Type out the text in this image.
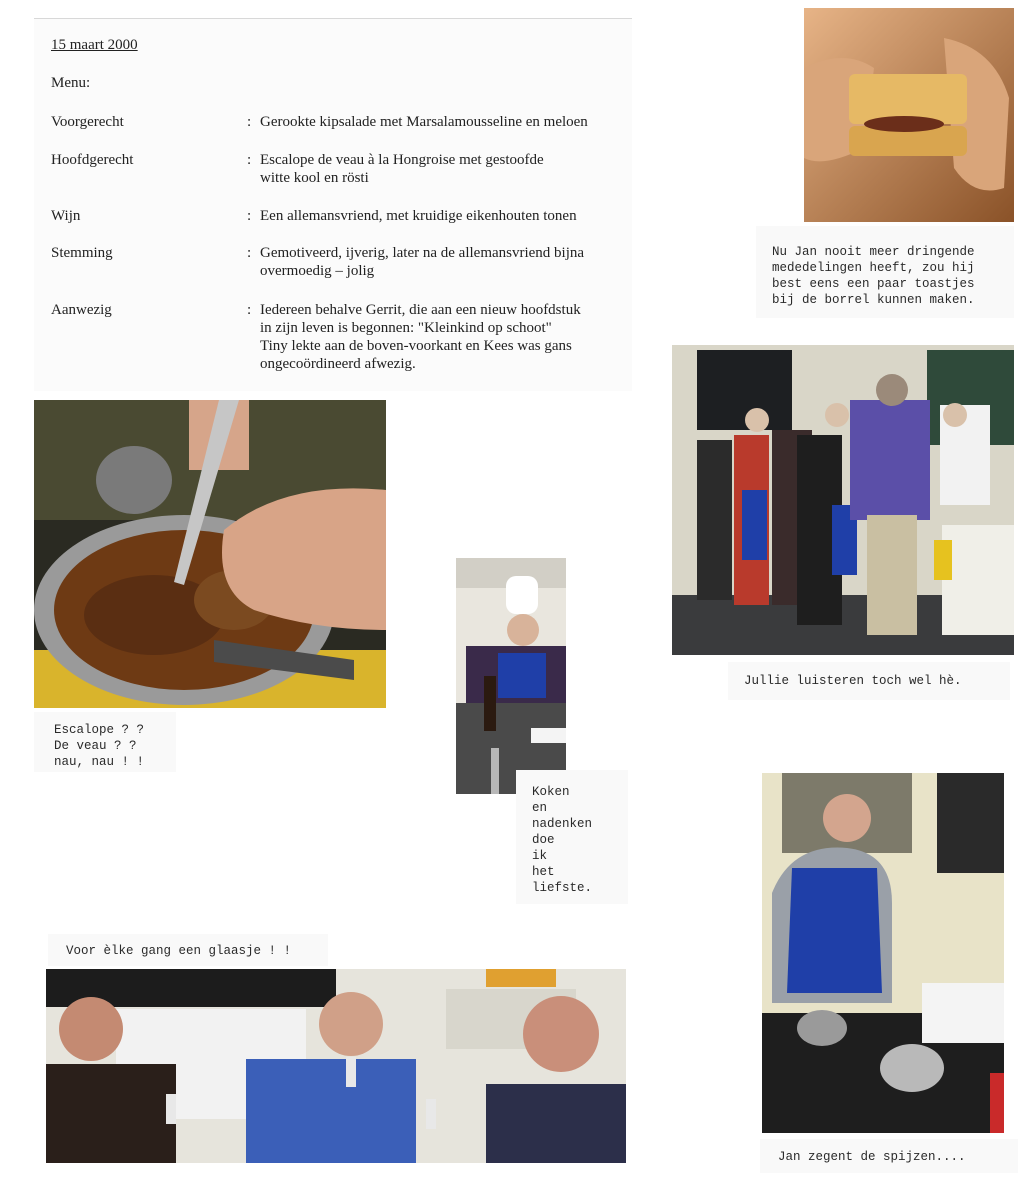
15 maart 2000
Menu:
Voorgerecht	: Gerookte kipsalade met Marsalamousseline en meloen
Hoofdgerecht	: Escalope de veau à la Hongroise met gestoofde
witte kool en rösti
Wijn	: Een allemansvriend, met kruidige eikenhouten tonen
Stemming	: Gemotiveerd, ijverig, later na de allemansvriend bijna
overmoedig – jolig
Aanwezig	: Iedereen behalve Gerrit, die aan een nieuw hoofdstuk
in zijn leven is begonnen: "Kleinkind op schoot"
Tiny lekte aan de boven-voorkant en Kees was gans
ongecoördineerd afwezig.
Nu Jan nooit meer dringende
mededelingen heeft, zou hij
best eens een paar toastjes
bij de borrel kunnen maken.
Jullie luisteren toch wel hè.
Escalope ? ?
De veau ? ?
nau, nau ! !
Koken
en
nadenken
doe
ik
het
liefste.
Jan zegent de spijzen....
Voor èlke gang een glaasje ! !
